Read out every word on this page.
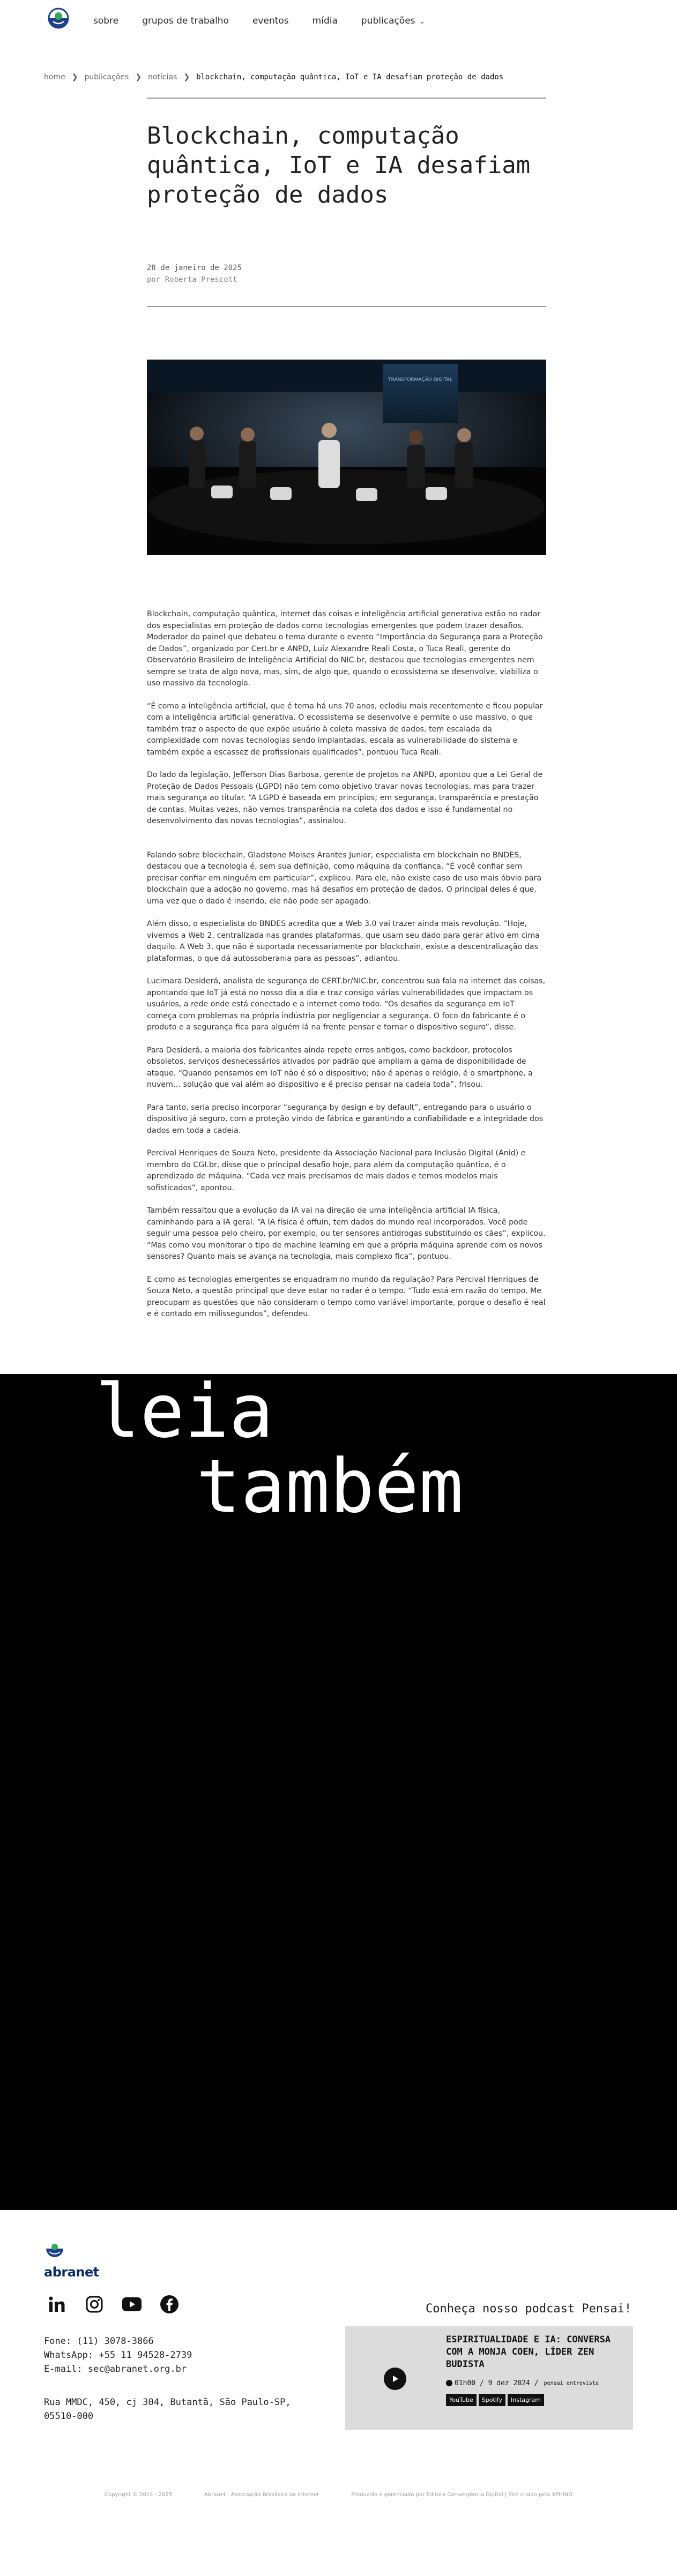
sobre	grupos de trabalho	eventos	mídia	publicações ⌄
home ❯ publicações ❯ notícias ❯ blockchain, computação quântica, IoT e IA desafiam proteção de dados
Blockchain, computação quântica, IoT e IA desafiam proteção de dados
28 de janeiro de 2025
por Roberta Prescott
TRANSFORMAÇÃO DIGITAL

Blockchain, computação quântica, internet das coisas e inteligência artificial generativa estão no radar dos especialistas em proteção de dados como tecnologias emergentes que podem trazer desafios. Moderador do painel que debateu o tema durante o evento “Importância da Segurança para a Proteção de Dados”, organizado por Cert.br e ANPD, Luiz Alexandre Reali Costa, o Tuca Reali, gerente do Observatório Brasileiro de Inteligência Artificial do NIC.br, destacou que tecnologias emergentes nem sempre se trata de algo nova, mas, sim, de algo que, quando o ecossistema se desenvolve, viabiliza o uso massivo da tecnologia.

“É como a inteligência artificial, que é tema há uns 70 anos, eclodiu mais recentemente e ficou popular com a inteligência artificial generativa. O ecossistema se desenvolve e permite o uso massivo, o que também traz o aspecto de que expõe usuário à coleta massiva de dados, tem escalada da complexidade com novas tecnologias sendo implantadas, escala as vulnerabilidade do sistema e também expõe a escassez de profissionais qualificados”, pontuou Tuca Reali.

Do lado da legislação, Jefferson Dias Barbosa, gerente de projetos na ANPD, apontou que a Lei Geral de Proteção de Dados Pessoais (LGPD) não tem como objetivo travar novas tecnologias, mas para trazer mais segurança ao titular. “A LGPD é baseada em princípios; em segurança, transparência e prestação de contas. Muitas vezes, não vemos transparência na coleta dos dados e isso é fundamental no desenvolvimento das novas tecnologias”, assinalou.

Falando sobre blockchain, Gladstone Moises Arantes Junior, especialista em blockchain no BNDES, destacou que a tecnologia é, sem sua definição, como máquina da confiança. “É você confiar sem precisar confiar em ninguém em particular”, explicou. Para ele, não existe caso de uso mais óbvio para blockchain que a adoção no governo, mas há desafios em proteção de dados. O principal deles é que, uma vez que o dado é inserido, ele não pode ser apagado.

Além disso, o especialista do BNDES acredita que a Web 3.0 vai trazer ainda mais revolução. “Hoje, vivemos a Web 2, centralizada nas grandes plataformas, que usam seu dado para gerar ativo em cima daquilo. A Web 3, que não é suportada necessariamente por blockchain, existe a descentralização das plataformas, o que dá autossoberania para as pessoas”, adiantou.

Lucimara Desiderá, analista de segurança do CERT.br/NIC.br, concentrou sua fala na internet das coisas, apontando que IoT já está no nosso dia a dia e traz consigo várias vulnerabilidades que impactam os usuários, a rede onde está conectado e a internet como todo. “Os desafios da segurança em IoT começa com problemas na própria indústria por negligenciar a segurança. O foco do fabricante é o produto e a segurança fica para alguém lá na frente pensar e tornar o dispositivo seguro”, disse.

Para Desiderá, a maioria dos fabricantes ainda repete erros antigos, como backdoor, protocolos obsoletos, serviços desnecessários ativados por padrão que ampliam a gama de disponibilidade de ataque. “Quando pensamos em IoT não é só o dispositivo; não é apenas o relógio, é o smartphone, a nuvem… solução que vai além ao dispositivo e é preciso pensar na cadeia toda”, frisou.

Para tanto, seria preciso incorporar “segurança by design e by default”, entregando para o usuário o dispositivo já seguro, com a proteção vindo de fábrica e garantindo a confiabilidade e a integridade dos dados em toda a cadeia.

Percival Henriques de Souza Neto, presidente da Associação Nacional para Inclusão Digital (Anid) e membro do CGI.br, disse que o principal desafio hoje, para além da computação quântica, é o aprendizado de máquina. “Cada vez mais precisamos de mais dados e temos modelos mais sofisticados”, apontou.

Também ressaltou que a evolução da IA vai na direção de uma inteligência artificial IA física, caminhando para a IA geral. “A IA física é offuin, tem dados do mundo real incorporados. Você pode seguir uma pessoa pelo cheiro, por exemplo, ou ter sensores antidrogas substituindo os cães”, explicou. “Mas como vou monitorar o tipo de machine learning em que a própria máquina aprende com os novos sensores? Quanto mais se avança na tecnologia, mais complexo fica”, pontuou.

E como as tecnologias emergentes se enquadram no mundo da regulação? Para Percival Henriques de Souza Neto, a questão principal que deve estar no radar é o tempo. “Tudo está em razão do tempo. Me preocupam as questões que não consideram o tempo como variável importante, porque o desafio é real e é contado em milissegundos”, defendeu.

leia
também
abranet
Fone: (11) 3078-3866
WhatsApp: +55 11 94528-2739
E-mail: sec@abranet.org.br
Rua MMDC, 450, cj 304, Butantã, São Paulo-SP,
05510-000
Conheça nosso podcast Pensai!
ESPIRITUALIDADE E IA: CONVERSA COM A MONJA COEN, LÍDER ZEN BUDISTA
01h00 / 9 dez 2024 / pensai entrevista
YouTube	Spotify	Instagram
Copyright © 2014 - 2025	Abranet - Associação Brasileira de Internet	Produzido e gerenciado por Editora Convergência Digital | Site criado pela XPHIND
